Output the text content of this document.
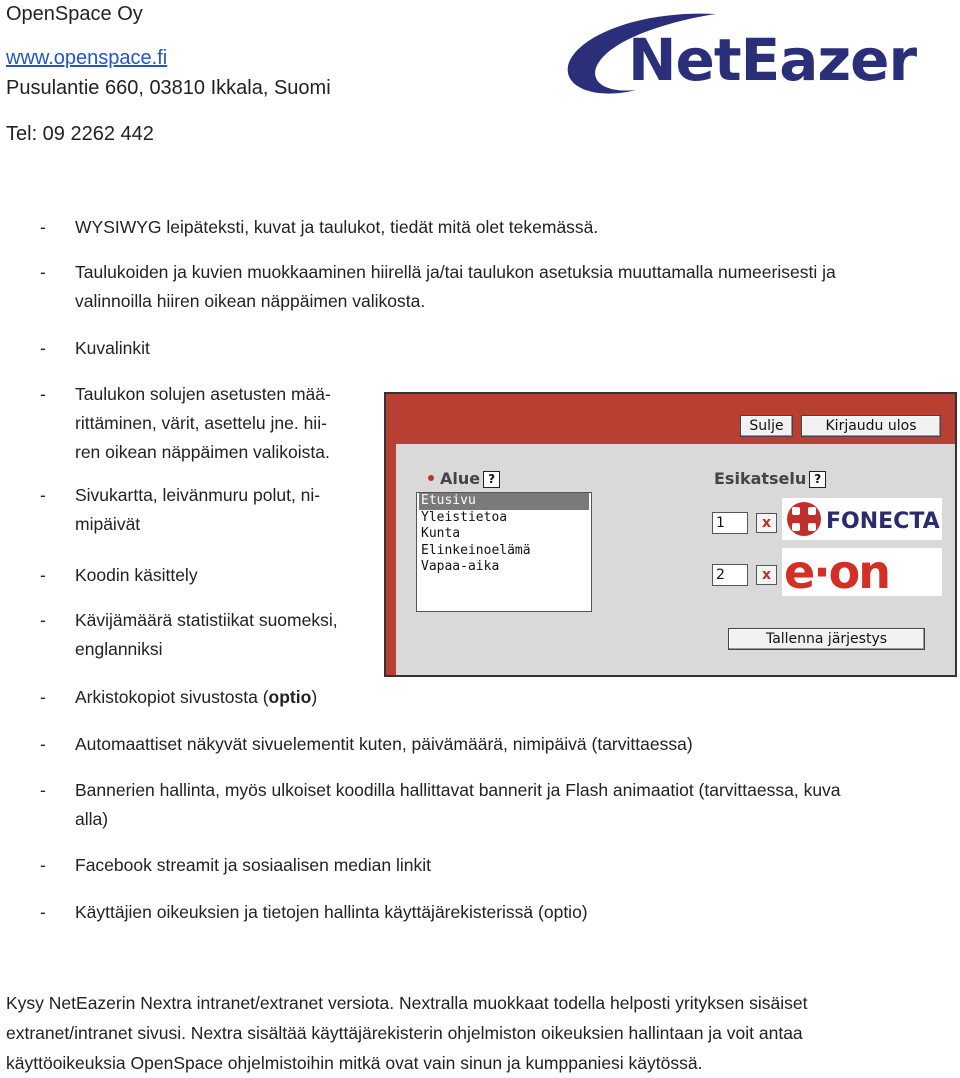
OpenSpace Oy
www.openspace.fi
Pusulantie 660, 03810 Ikkala, Suomi
Tel: 09 2262 442
NetEazer
- WYSIWYG leipäteksti, kuvat ja taulukot, tiedät mitä olet tekemässä.
- Taulukoiden ja kuvien muokkaaminen hiirellä ja/tai taulukon asetuksia muuttamalla numeerisesti ja
valinnoilla hiiren oikean näppäimen valikosta.
- Kuvalinkit
- Taulukon solujen asetusten mää-
rittäminen, värit, asettelu jne. hii-
ren oikean näppäimen valikoista.
- Sivukartta, leivänmuru polut, ni-
mipäivät
- Koodin käsittely
- Kävijämäärä statistiikat suomeksi,
englanniksi
- Arkistokopiot sivustosta (optio)
- Automaattiset näkyvät sivuelementit kuten, päivämäärä, nimipäivä (tarvittaessa)
- Bannerien hallinta, myös ulkoiset koodilla hallittavat bannerit ja Flash animaatiot (tarvittaessa, kuva
alla)
- Facebook streamit ja sosiaalisen median linkit
- Käyttäjien oikeuksien ja tietojen hallinta käyttäjärekisterissä (optio)
Sulje	Kirjaudu ulos
Alue ?	Esikatselu ?
Etusivu
Yleistietoa
Kunta
Elinkeinoelämä
Vapaa-aika
1	x FONECTA
2	x e·on
Tallenna järjestys
Kysy NetEazerin Nextra intranet/extranet versiota. Nextralla muokkaat todella helposti yrityksen sisäiset
extranet/intranet sivusi. Nextra sisältää käyttäjärekisterin ohjelmiston oikeuksien hallintaan ja voit antaa
käyttöoikeuksia OpenSpace ohjelmistoihin mitkä ovat vain sinun ja kumppaniesi käytössä.
